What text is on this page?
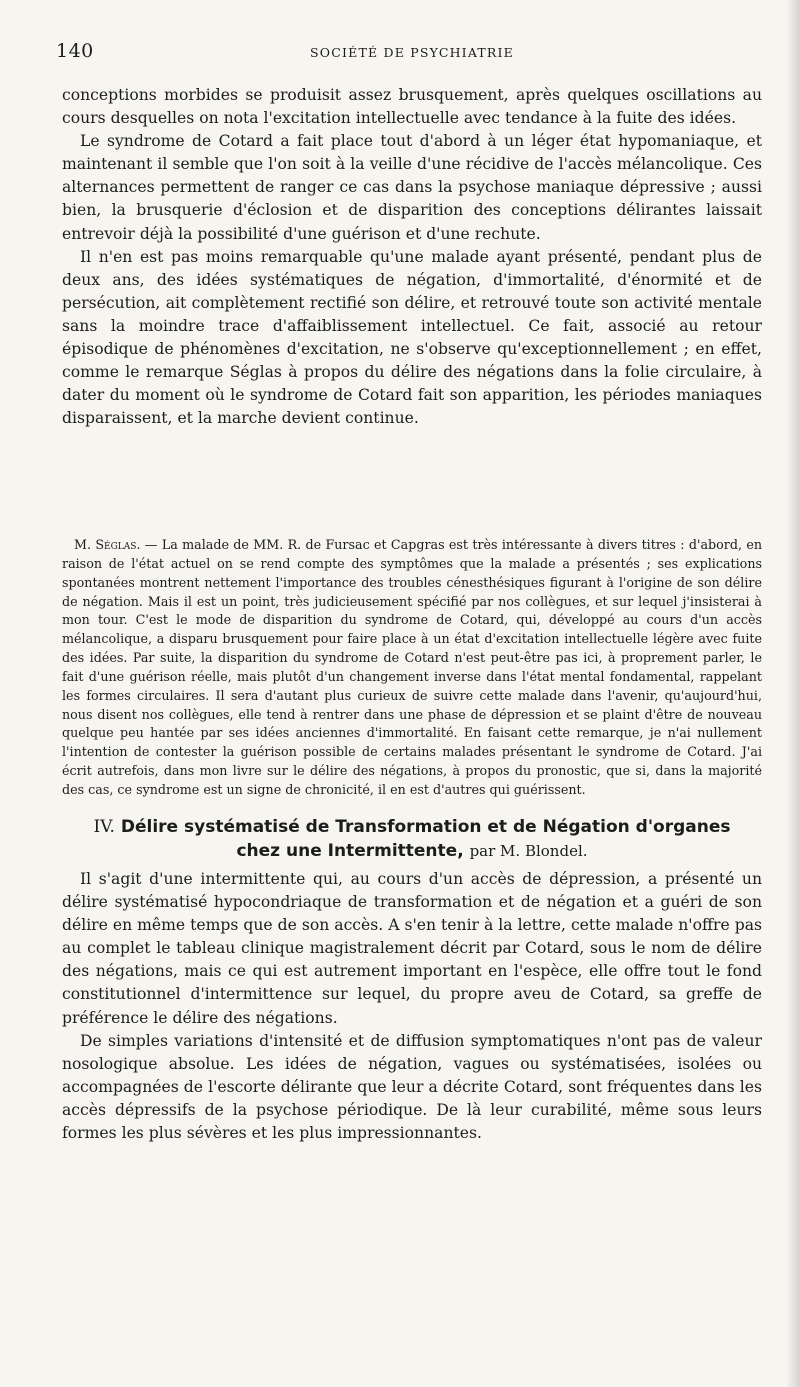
140	SOCIÉTÉ DE PSYCHIATRIE

conceptions morbides se produisit assez brusquement, après quelques oscillations au cours desquelles on nota l'excitation intellectuelle avec tendance à la fuite des idées.

Le syndrome de Cotard a fait place tout d'abord à un léger état hypomaniaque, et maintenant il semble que l'on soit à la veille d'une récidive de l'accès mélancolique. Ces alternances permettent de ranger ce cas dans la psychose maniaque dépressive ; aussi bien, la brusquerie d'éclosion et de disparition des conceptions délirantes laissait entrevoir déjà la possibilité d'une guérison et d'une rechute.

Il n'en est pas moins remarquable qu'une malade ayant présenté, pendant plus de deux ans, des idées systématiques de négation, d'immortalité, d'énormité et de persécution, ait complètement rectifié son délire, et retrouvé toute son activité mentale sans la moindre trace d'affaiblissement intellectuel. Ce fait, associé au retour épisodique de phénomènes d'excitation, ne s'observe qu'exceptionnellement ; en effet, comme le remarque Séglas à propos du délire des négations dans la folie circulaire, à dater du moment où le syndrome de Cotard fait son apparition, les périodes maniaques disparaissent, et la marche devient continue.

M. Séglas. — La malade de MM. R. de Fursac et Capgras est très intéressante à divers titres : d'abord, en raison de l'état actuel on se rend compte des symptômes que la malade a présentés ; ses explications spontanées montrent nettement l'importance des troubles cénesthésiques figurant à l'origine de son délire de négation. Mais il est un point, très judicieusement spécifié par nos collègues, et sur lequel j'insisterai à mon tour. C'est le mode de disparition du syndrome de Cotard, qui, développé au cours d'un accès mélancolique, a disparu brusquement pour faire place à un état d'excitation intellectuelle légère avec fuite des idées. Par suite, la disparition du syndrome de Cotard n'est peut-être pas ici, à proprement parler, le fait d'une guérison réelle, mais plutôt d'un changement inverse dans l'état mental fondamental, rappelant les formes circulaires. Il sera d'autant plus curieux de suivre cette malade dans l'avenir, qu'aujourd'hui, nous disent nos collègues, elle tend à rentrer dans une phase de dépression et se plaint d'être de nouveau quelque peu hantée par ses idées anciennes d'immortalité. En faisant cette remarque, je n'ai nullement l'intention de contester la guérison possible de certains malades présentant le syndrome de Cotard. J'ai écrit autrefois, dans mon livre sur le délire des négations, à propos du pronostic, que si, dans la majorité des cas, ce syndrome est un signe de chronicité, il en est d'autres qui guérissent.

IV. Délire systématisé de Transformation et de Négation d'organes
chez une Intermittente, par M. Blondel.

Il s'agit d'une intermittente qui, au cours d'un accès de dépression, a présenté un délire systématisé hypocondriaque de transformation et de négation et a guéri de son délire en même temps que de son accès. A s'en tenir à la lettre, cette malade n'offre pas au complet le tableau clinique magistralement décrit par Cotard, sous le nom de délire des négations, mais ce qui est autrement important en l'espèce, elle offre tout le fond constitutionnel d'intermittence sur lequel, du propre aveu de Cotard, sa greffe de préférence le délire des négations.

De simples variations d'intensité et de diffusion symptomatiques n'ont pas de valeur nosologique absolue. Les idées de négation, vagues ou systématisées, isolées ou accompagnées de l'escorte délirante que leur a décrite Cotard, sont fréquentes dans les accès dépressifs de la psychose périodique. De là leur curabilité, même sous leurs formes les plus sévères et les plus impressionnantes.
